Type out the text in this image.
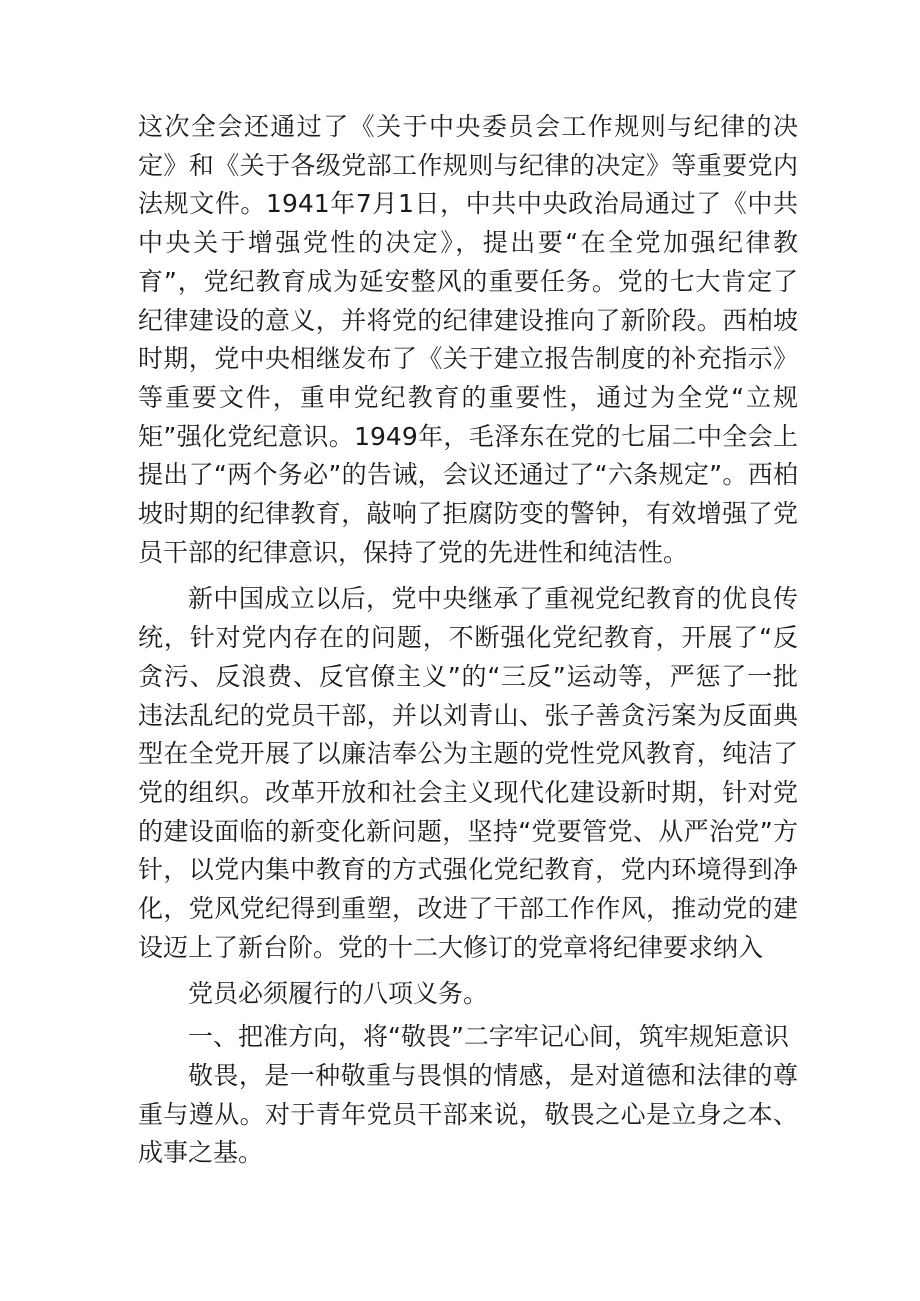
这次全会还通过了《关于中央委员会工作规则与纪律的决定》和《关于各级党部工作规则与纪律的决定》等重要党内法规文件。1941年7月1日，中共中央政治局通过了《中共中央关于增强党性的决定》，提出要“在全党加强纪律教育”，党纪教育成为延安整风的重要任务。党的七大肯定了纪律建设的意义，并将党的纪律建设推向了新阶段。西柏坡时期，党中央相继发布了《关于建立报告制度的补充指示》等重要文件，重申党纪教育的重要性，通过为全党“立规矩”强化党纪意识。1949年，毛泽东在党的七届二中全会上提出了“两个务必”的告诫，会议还通过了“六条规定”。西柏坡时期的纪律教育，敲响了拒腐防变的警钟，有效增强了党员干部的纪律意识，保持了党的先进性和纯洁性。

新中国成立以后，党中央继承了重视党纪教育的优良传统，针对党内存在的问题，不断强化党纪教育，开展了“反贪污、反浪费、反官僚主义”的“三反”运动等，严惩了一批违法乱纪的党员干部，并以刘青山、张子善贪污案为反面典型在全党开展了以廉洁奉公为主题的党性党风教育，纯洁了党的组织。改革开放和社会主义现代化建设新时期，针对党的建设面临的新变化新问题，坚持“党要管党、从严治党”方针，以党内集中教育的方式强化党纪教育，党内环境得到净化，党风党纪得到重塑，改进了干部工作作风，推动党的建设迈上了新台阶。党的十二大修订的党章将纪律要求纳入

党员必须履行的八项义务。

一、把准方向，将“敬畏”二字牢记心间，筑牢规矩意识

敬畏，是一种敬重与畏惧的情感，是对道德和法律的尊重与遵从。对于青年党员干部来说，敬畏之心是立身之本、成事之基。
